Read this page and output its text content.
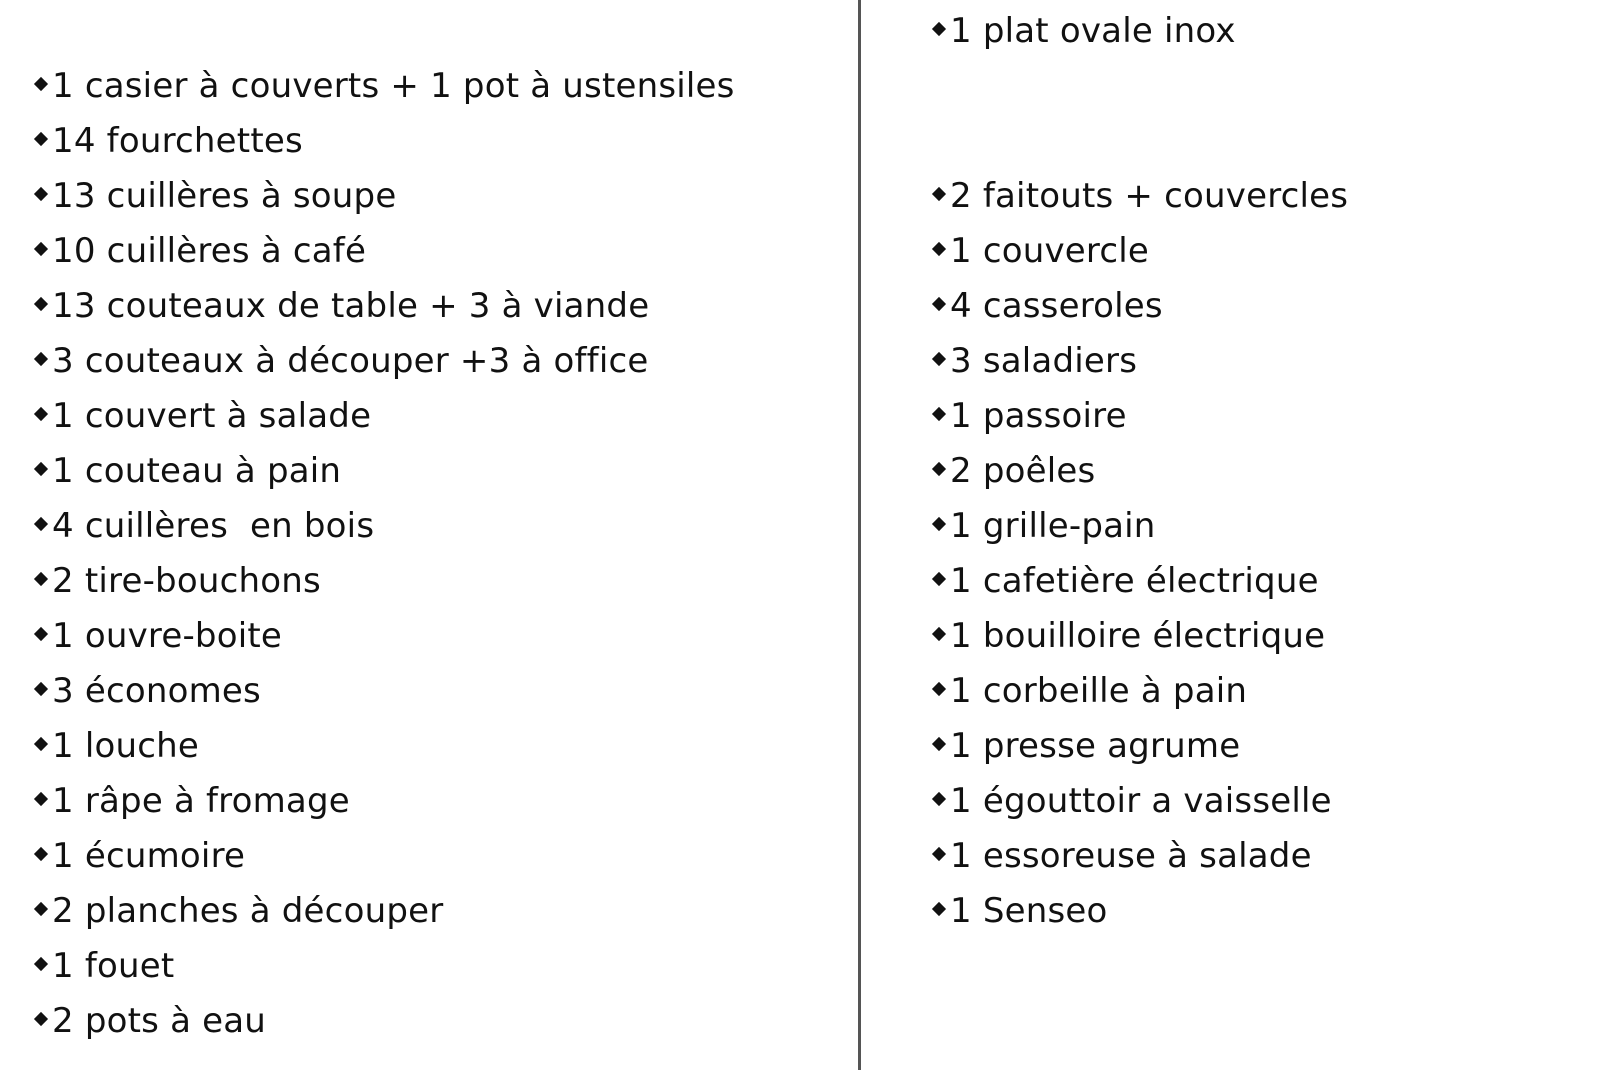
1 casier à couverts + 1 pot à ustensiles
14 fourchettes
13 cuillères à soupe
10 cuillères à café
13 couteaux de table + 3 à viande
3 couteaux à découper +3 à office
1 couvert à salade
1 couteau à pain
4 cuillères  en bois
2 tire-bouchons
1 ouvre-boite
3 économes
1 louche
1 râpe à fromage
1 écumoire
2 planches à découper
1 fouet
2 pots à eau
1 plat ovale inox
2 faitouts + couvercles
1 couvercle
4 casseroles
3 saladiers
1 passoire
2 poêles
1 grille-pain
1 cafetière électrique
1 bouilloire électrique
1 corbeille à pain
1 presse agrume
1 égouttoir a vaisselle
1 essoreuse à salade
1 Senseo
